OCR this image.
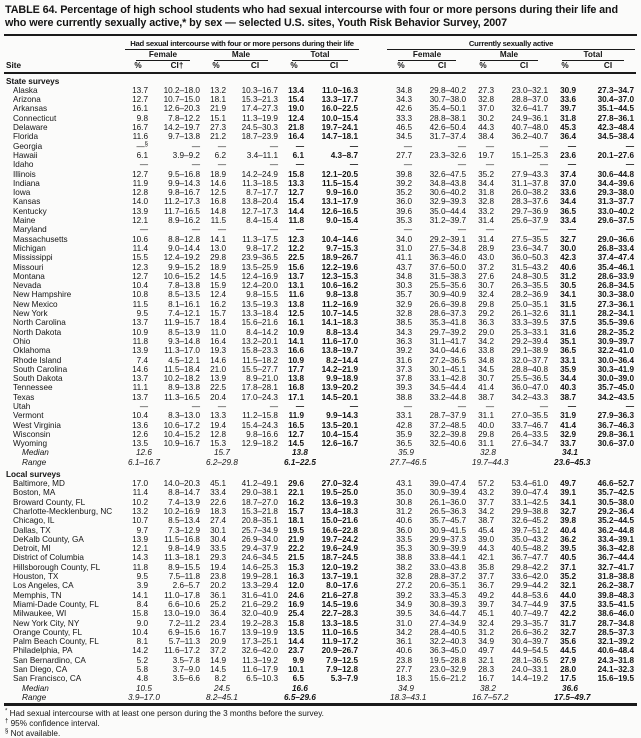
TABLE 64. Percentage of high school students who had sexual intercourse with four or more persons during their life and who were currently sexually active,* by sex — selected U.S. sites, Youth Risk Behavior Survey, 2007

	Had sexual intercourse with four or more persons during their life							Currently sexually active					

	Female		Male		Total			Female		Male		Total	

Site	%	CI†	%	CI	%	CI		%	CI	%	CI	%	CI
State surveys													
Alaska	13.7	10.2–18.0	13.2	10.3–16.7	13.4	11.0–16.3		34.8	29.8–40.2	27.3	23.0–32.1	30.9	27.3–34.7
Arizona	12.7	10.7–15.0	18.1	15.3–21.3	15.4	13.3–17.7		34.3	30.7–38.0	32.8	28.8–37.0	33.6	30.4–37.0
Arkansas	16.1	12.6–20.3	21.9	17.4–27.3	19.0	16.0–22.5		42.6	35.4–50.1	37.0	32.6–41.7	39.7	35.1–44.5
Connecticut	9.8	7.8–12.2	15.1	11.3–19.9	12.4	10.0–15.4		33.3	28.8–38.1	30.2	24.9–36.1	31.8	27.8–36.1
Delaware	16.7	14.2–19.7	27.3	24.5–30.3	21.8	19.7–24.1		46.5	42.6–50.4	44.3	40.7–48.0	45.3	42.3–48.4
Florida	11.6	9.7–13.8	21.2	18.7–23.9	16.4	14.7–18.1		34.5	31.7–37.4	38.4	36.2–40.7	36.4	34.5–38.4
Georgia	—§	—	—	—	—	—		—	—	—	—	—	—
Hawaii	6.1	3.9–9.2	6.2	3.4–11.1	6.1	4.3–8.7		27.7	23.3–32.6	19.7	15.1–25.3	23.6	20.1–27.6
Idaho	—	—	—	—	—	—		—	—	—	—	—	—
Illinois	12.7	9.5–16.8	18.9	14.2–24.9	15.8	12.1–20.5		39.8	32.6–47.5	35.2	27.9–43.3	37.4	30.6–44.8
Indiana	11.9	9.9–14.3	14.6	11.3–18.5	13.3	11.5–15.4		39.2	34.8–43.8	34.4	31.1–37.8	37.0	34.4–39.6
Iowa	12.8	9.8–16.7	12.5	8.7–17.7	12.7	9.9–16.0		35.2	30.6–40.2	31.8	26.0–38.2	33.6	29.3–38.0
Kansas	14.0	11.2–17.3	16.8	13.8–20.4	15.4	13.1–17.9		36.0	32.9–39.3	32.8	28.3–37.6	34.4	31.3–37.7
Kentucky	13.9	11.7–16.5	14.8	12.7–17.3	14.4	12.6–16.5		39.6	35.0–44.4	33.2	29.7–36.9	36.5	33.0–40.2
Maine	12.1	8.9–16.2	11.5	8.4–15.4	11.8	9.0–15.4		35.3	31.2–39.7	31.4	25.6–37.9	33.4	29.6–37.5
Maryland	—	—	—	—	—	—		—	—	—	—	—	—
Massachusetts	10.6	8.8–12.8	14.1	11.3–17.5	12.3	10.4–14.6		34.0	29.2–39.1	31.4	27.5–35.5	32.7	29.0–36.6
Michigan	11.4	9.0–14.4	13.0	9.8–17.2	12.2	9.7–15.3		31.0	27.5–34.8	28.9	23.6–34.7	30.0	26.8–33.4
Mississippi	15.5	12.4–19.2	29.8	23.9–36.5	22.5	18.9–26.7		41.1	36.3–46.0	43.0	36.0–50.3	42.3	37.4–47.4
Missouri	12.3	9.9–15.2	18.9	13.5–25.9	15.6	12.2–19.6		43.7	37.6–50.0	37.2	31.5–43.2	40.6	35.4–46.1
Montana	12.7	10.6–15.2	14.5	12.4–16.9	13.7	12.3–15.3		34.8	31.5–38.3	27.6	24.8–30.5	31.2	28.6–33.9
Nevada	10.4	7.8–13.8	15.9	12.4–20.0	13.1	10.6–16.2		30.3	25.5–35.6	30.7	26.3–35.5	30.5	26.8–34.5
New Hampshire	10.8	8.5–13.5	12.4	9.8–15.5	11.6	9.8–13.8		35.7	30.9–40.9	32.4	28.2–36.9	34.1	30.3–38.0
New Mexico	11.5	8.1–16.1	16.2	13.5–19.3	13.8	11.2–16.9		32.9	26.6–39.8	29.8	25.0–35.1	31.5	27.3–36.1
New York	9.5	7.4–12.1	15.7	13.3–18.4	12.5	10.7–14.5		32.8	28.6–37.3	29.2	26.1–32.6	31.1	28.2–34.1
North Carolina	13.7	11.9–15.7	18.4	15.6–21.6	16.1	14.1–18.3		38.5	35.3–41.8	36.3	33.3–39.5	37.5	35.5–39.6
North Dakota	10.9	8.5–13.9	11.0	8.4–14.2	10.9	8.8–13.4		34.3	29.7–39.2	29.0	25.3–33.1	31.6	28.2–35.2
Ohio	11.8	9.3–14.8	16.4	13.2–20.1	14.1	11.6–17.0		36.3	31.1–41.7	34.2	29.2–39.4	35.1	30.9–39.7
Oklahoma	13.9	11.3–17.0	19.3	15.8–23.3	16.6	13.8–19.7		39.2	34.0–44.6	33.8	29.1–38.9	36.5	32.2–41.0
Rhode Island	7.4	4.5–12.1	14.6	11.5–18.2	10.9	8.2–14.4		31.6	27.2–36.5	34.8	32.0–37.7	33.1	30.0–36.4
South Carolina	14.6	11.5–18.4	21.0	15.5–27.7	17.7	14.2–21.9		37.3	30.1–45.1	34.5	28.8–40.8	35.9	30.3–41.9
South Dakota	13.7	10.2–18.2	13.9	8.9–21.0	13.8	9.9–18.9		37.8	33.1–42.8	30.7	25.5–36.5	34.4	30.0–39.0
Tennessee	11.1	8.9–13.8	22.5	17.8–28.1	16.8	13.9–20.2		39.3	34.5–44.4	41.4	36.0–47.0	40.3	35.7–45.0
Texas	13.7	11.3–16.5	20.4	17.0–24.3	17.1	14.5–20.1		38.8	33.2–44.8	38.7	34.2–43.3	38.7	34.2–43.5
Utah	—	—	—	—	—	—		—	—	—	—	—	—
Vermont	10.4	8.3–13.0	13.3	11.2–15.8	11.9	9.9–14.3		33.1	28.7–37.9	31.1	27.0–35.5	31.9	27.9–36.3
West Virginia	13.6	10.6–17.2	19.4	15.4–24.3	16.5	13.5–20.1		42.8	37.2–48.5	40.0	33.7–46.7	41.4	36.7–46.3
Wisconsin	12.6	10.4–15.2	12.8	9.8–16.6	12.7	10.4–15.4		35.9	32.2–39.8	29.8	26.4–33.5	32.9	29.8–36.1
Wyoming	13.5	10.9–16.7	15.3	12.9–18.2	14.5	12.6–16.7		36.5	32.5–40.6	31.1	27.6–34.7	33.7	30.6–37.0
Median	12.6		15.7		13.8			35.9		32.8		34.1	
Range	6.1–16.7		6.2–29.8		6.1–22.5			27.7–46.5		19.7–44.3		23.6–45.3	
Local surveys													
Baltimore, MD	17.0	14.0–20.3	45.1	41.2–49.1	29.6	27.0–32.4		43.1	39.0–47.4	57.2	53.4–61.0	49.7	46.6–52.7
Boston, MA	11.4	8.8–14.7	33.4	29.0–38.1	22.1	19.5–25.0		35.0	30.9–39.4	43.2	39.0–47.4	39.1	35.7–42.5
Broward County, FL	10.2	7.4–13.9	22.6	18.7–27.0	16.2	13.6–19.3		30.8	26.1–36.0	37.7	33.1–42.5	34.1	30.5–38.0
Charlotte-Mecklenburg, NC	13.2	10.2–16.9	18.3	15.3–21.8	15.7	13.4–18.3		31.2	26.5–36.3	34.2	29.9–38.8	32.7	29.2–36.4
Chicago, IL	10.7	8.5–13.4	27.4	20.8–35.1	18.1	15.0–21.6		40.6	35.7–45.7	38.7	32.6–45.2	39.8	35.2–44.5
Dallas, TX	9.7	7.3–12.9	30.1	25.7–34.9	19.5	16.6–22.8		36.0	30.9–41.5	45.4	39.7–51.2	40.4	36.2–44.8
DeKalb County, GA	13.9	11.5–16.8	30.4	26.9–34.0	21.9	19.7–24.2		33.5	29.9–37.3	39.0	35.0–43.2	36.2	33.4–39.1
Detroit, MI	12.1	9.8–14.9	33.5	29.4–37.9	22.2	19.6–24.9		35.3	30.9–39.9	44.3	40.5–48.2	39.5	36.3–42.8
District of Columbia	14.3	11.3–18.1	29.3	24.6–34.5	21.5	18.7–24.5		38.8	33.8–44.1	42.1	36.7–47.7	40.5	36.7–44.4
Hillsborough County, FL	11.8	8.9–15.5	19.4	14.6–25.3	15.3	12.0–19.2		38.2	33.0–43.8	35.8	29.8–42.2	37.1	32.7–41.7
Houston, TX	9.5	7.5–11.8	23.8	19.9–28.1	16.3	13.7–19.1		32.8	28.8–37.2	37.7	33.6–42.0	35.2	31.8–38.8
Los Angeles, CA	3.9	2.6–5.7	20.2	13.3–29.4	12.0	8.0–17.6		27.2	20.6–35.1	36.7	29.9–44.2	32.1	26.2–38.7
Memphis, TN	14.1	11.0–17.8	36.1	31.6–41.0	24.6	21.6–27.8		39.2	33.3–45.3	49.2	44.8–53.6	44.0	39.8–48.3
Miami-Dade County, FL	8.4	6.6–10.6	25.2	21.6–29.2	16.9	14.5–19.6		34.9	30.8–39.3	39.7	34.7–44.9	37.5	33.5–41.5
Milwaukee, WI	15.8	13.0–19.0	36.4	32.0–40.9	25.4	22.7–28.3		39.5	34.6–44.7	45.1	40.7–49.7	42.2	38.6–46.0
New York City, NY	9.0	7.2–11.2	23.4	19.2–28.3	15.8	13.3–18.5		31.0	27.4–34.9	32.4	29.3–35.7	31.7	28.7–34.8
Orange County, FL	10.4	6.9–15.6	16.7	13.9–19.9	13.5	11.0–16.5		34.2	28.4–40.5	31.2	26.6–36.2	32.7	28.5–37.3
Palm Beach County, FL	8.1	5.7–11.3	20.9	17.3–25.1	14.4	11.9–17.2		36.1	32.2–40.3	34.9	30.4–39.7	35.6	32.1–39.2
Philadelphia, PA	14.2	11.6–17.2	37.2	32.6–42.0	23.7	20.9–26.7		40.6	36.3–45.0	49.7	44.9–54.5	44.5	40.6–48.4
San Bernardino, CA	5.2	3.5–7.8	14.9	11.3–19.2	9.9	7.9–12.5		23.8	19.5–28.8	32.1	28.1–36.5	27.9	24.3–31.8
San Diego, CA	5.8	3.7–9.0	14.5	11.6–17.9	10.1	7.9–12.8		27.7	23.0–32.9	28.3	24.0–33.1	28.0	24.1–32.3
San Francisco, CA	4.8	3.5–6.6	8.2	6.5–10.3	6.5	5.3–7.9		18.3	15.6–21.2	16.7	14.4–19.2	17.5	15.6–19.5
Median	10.5		24.5		16.6			34.9		38.2		36.6	
Range	3.9–17.0		8.2–45.1		6.5–29.6			18.3–43.1		16.7–57.2		17.5–49.7	
* Had sexual intercourse with at least one person during the 3 months before the survey.
† 95% confidence interval.
§ Not available.
